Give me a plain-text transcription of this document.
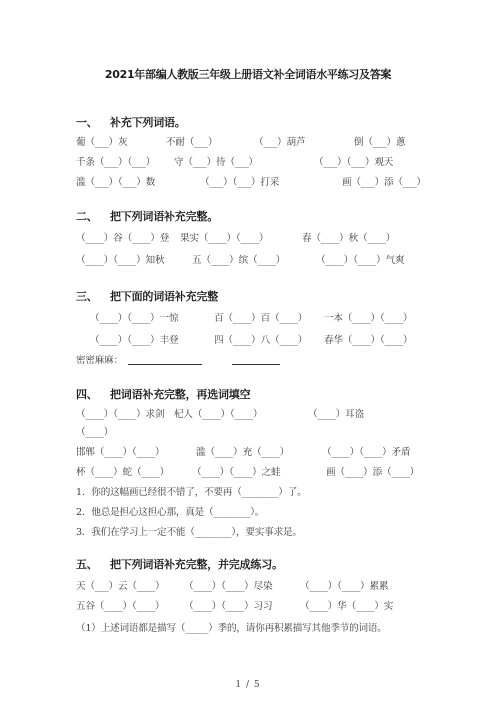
2021年部编人教版三年级上册语文补全词语水平练习及答案
一、 补充下列词语。
葡（___）灰	不耐（___）	（___）葫芦	倒（___）蔥
千条（___）（___） 守（___）待（___）	（___）（___）观天
滥（___）（___）数	（___）（___）打采	画（___）添（___）
二、 把下列词语补充完整。
（____）谷（____）登 果实（____）（____）	春（____）秋（____）
（____）（____）知秋	五（____）缤（____）	（____）（____）气爽
三、 把下面的词语补充完整
（____）（____）一惊	百（____）百（____） 一本（____）（____）
（____）（____）丰登	四（____）八（____） 春华（____）（____）
密密麻麻：
四、 把词语补充完整，再选词填空
（____）（____）求剑 杞人（____）（____）	（____）耳盗
（____）
邯郸（____）（____）	滥（____）充（____）	（____）（____）矛盾
杯（____）蛇（____） （____）（____）之蛙	画（____）添（____）
1．你的这幅画已经很不错了，不要再（________）了。
2．他总是担心这担心那，真是（________）。
3．我们在学习上一定不能（________），要实事求是。
五、 把下列词语补充完整，并完成练习。
天（___）云（____） （____）（____）尽染	（____）（____）累累
五谷（____）（____） （____）（____）习习	（____）华（____）实
（1）上述词语都是描写（_____）季的，请你再积累描写其他季节的词语。
1 / 5
